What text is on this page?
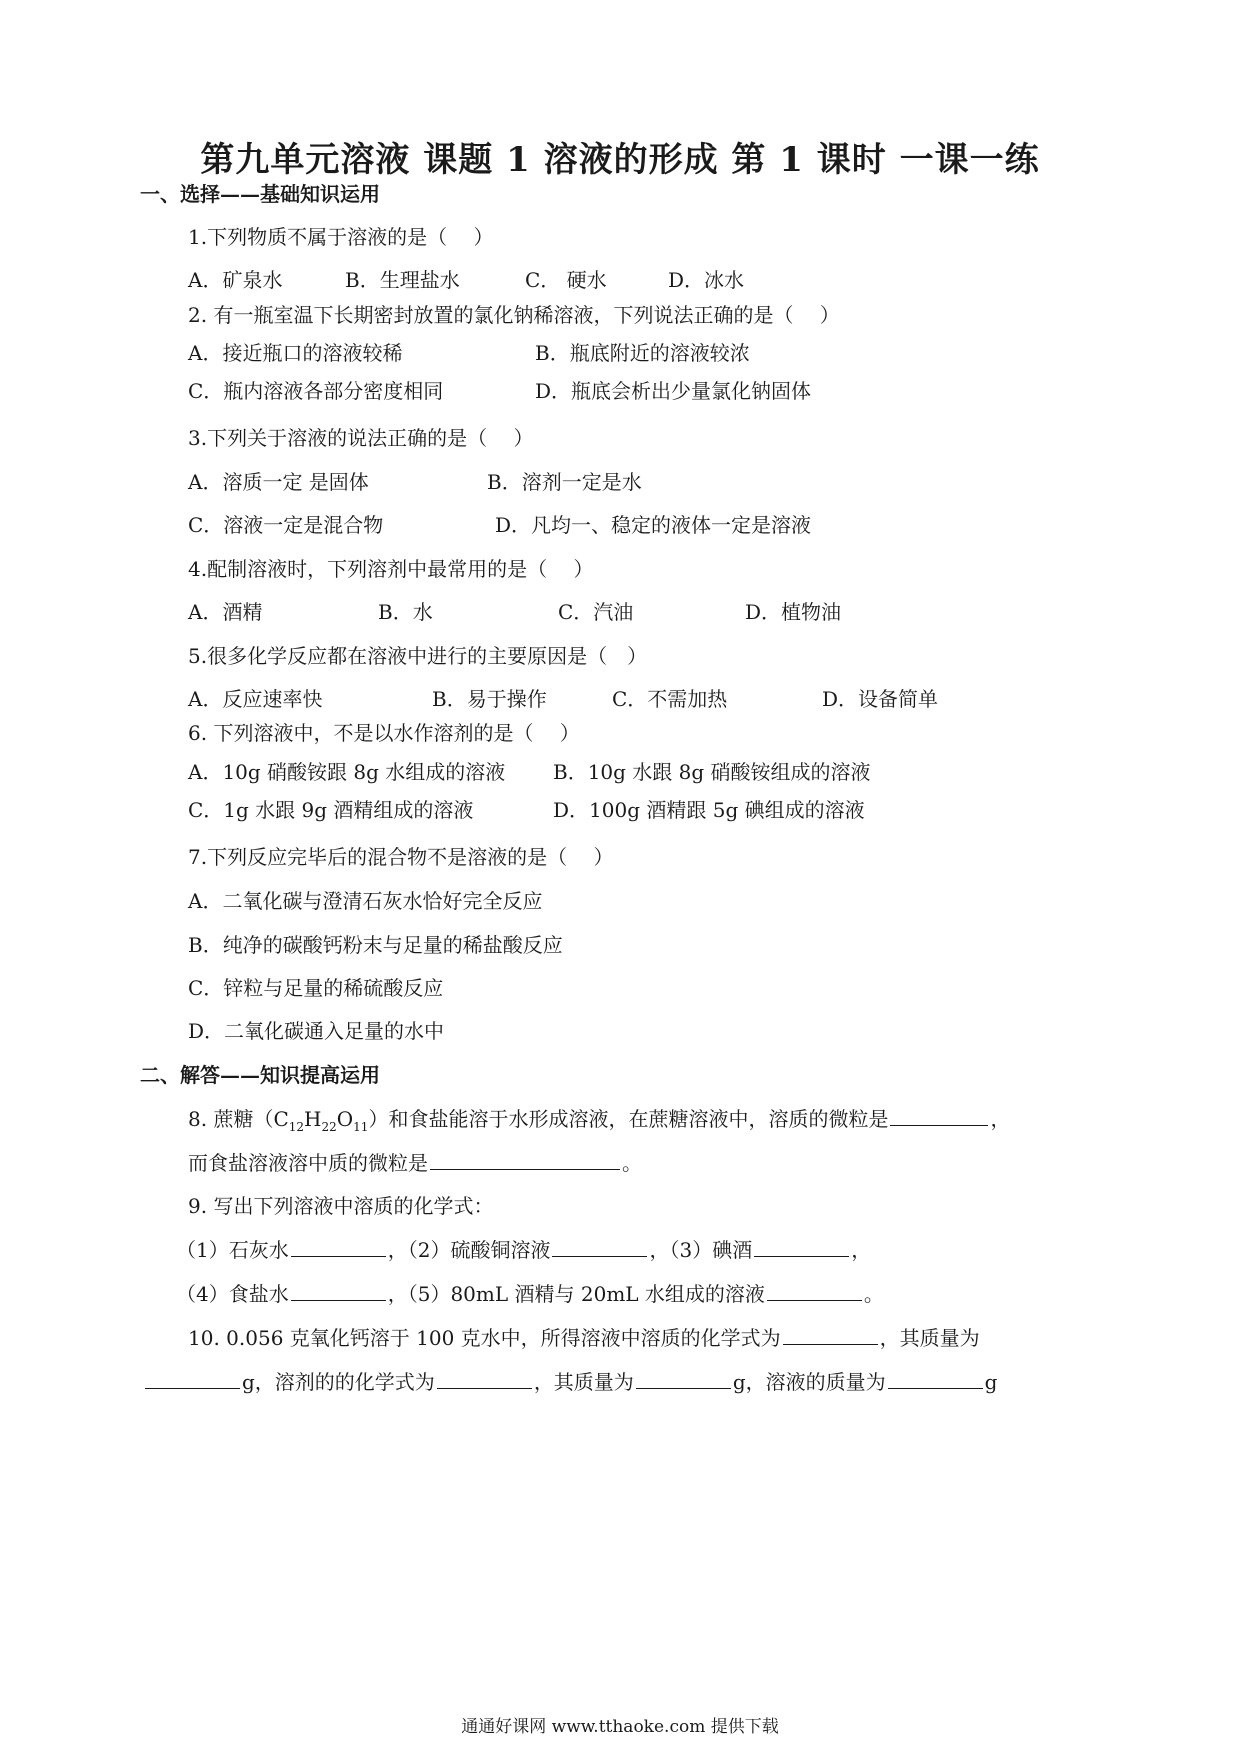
第九单元溶液 课题 1 溶液的形成 第 1 课时 一课一练
一、选择——基础知识运用
1.下列物质不属于溶液的是（　 ）
A．矿泉水	B．生理盐水	C． 硬水	D．冰水
2. 有一瓶室温下长期密封放置的氯化钠稀溶液，下列说法正确的是（　 ）
A．接近瓶口的溶液较稀	B．瓶底附近的溶液较浓
C．瓶内溶液各部分密度相同	D．瓶底会析出少量氯化钠固体
3.下列关于溶液的说法正确的是（　 ）
A．溶质一定 是固体	B．溶剂一定是水
C．溶液一定是混合物	D．凡均一、稳定的液体一定是溶液
4.配制溶液时，下列溶剂中最常用的是（　 ）
A．酒精	B．水	C．汽油	D．植物油
5.很多化学反应都在溶液中进行的主要原因是（　）
A．反应速率快	B．易于操作	C．不需加热	D．设备简单
6. 下列溶液中，不是以水作溶剂的是（　 ）
A．10g 硝酸铵跟 8g 水组成的溶液 B．10g 水跟 8g 硝酸铵组成的溶液
C．1g 水跟 9g 酒精组成的溶液	D．100g 酒精跟 5g 碘组成的溶液
7.下列反应完毕后的混合物不是溶液的是（　 ）
A．二氧化碳与澄清石灰水恰好完全反应
B．纯净的碳酸钙粉末与足量的稀盐酸反应
C．锌粒与足量的稀硫酸反应
D．二氧化碳通入足量的水中
二、解答——知识提高运用
8. 蔗糖$(C_{12}H_{22}O_{11})$和食盐能溶于水形成溶液，在蔗糖溶液中，溶质的微粒是	，
而食盐溶液溶中质的微粒是	。
9. 写出下列溶液中溶质的化学式：
（1）石灰水	，（2）硫酸铜溶液	，（3）碘酒	，
（4）食盐水	，（5）80mL 酒精与 20mL 水组成的溶液	。
10. 0.056 克氧化钙溶于 100 克水中，所得溶液中溶质的化学式为	，其质量为
g，溶剂的的化学式为	，其质量为	g，溶液的质量为	g
通通好课网 www.tthaoke.com 提供下载
